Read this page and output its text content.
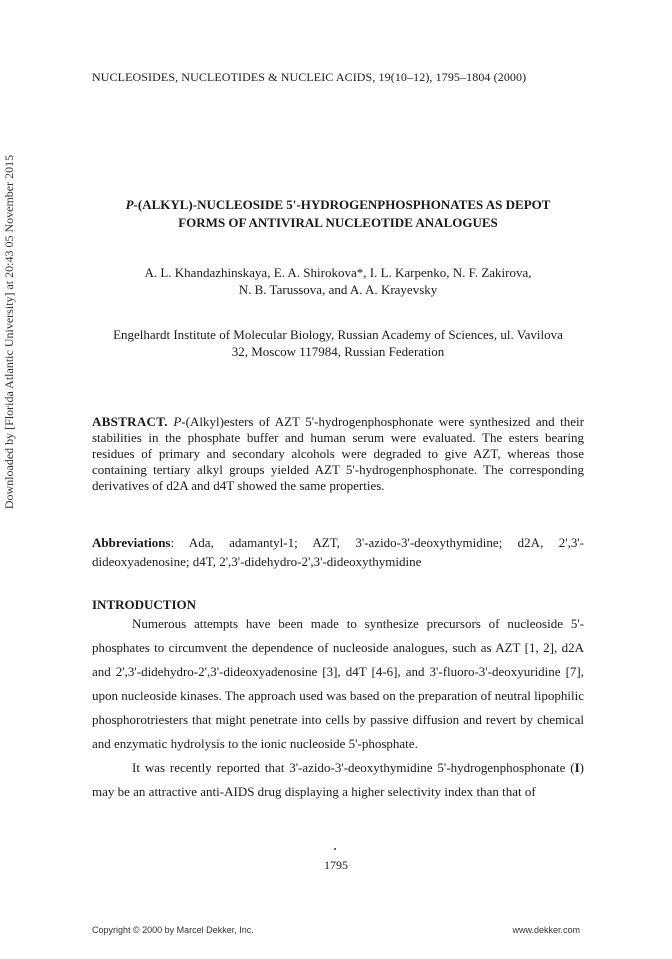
NUCLEOSIDES, NUCLEOTIDES & NUCLEIC ACIDS, 19(10–12), 1795–1804 (2000)
Downloaded by [Florida Atlantic University] at 20:43 05 November 2015	P-(ALKYL)-NUCLEOSIDE 5'-HYDROGENPHOSPHONATES AS DEPOT
FORMS OF ANTIVIRAL NUCLEOTIDE ANALOGUES
A. L. Khandazhinskaya, E. A. Shirokova*, I. L. Karpenko, N. F. Zakirova,
N. B. Tarussova, and A. A. Krayevsky
Engelhardt Institute of Molecular Biology, Russian Academy of Sciences, ul. Vavilova
32, Moscow 117984, Russian Federation
ABSTRACT. P-(Alkyl)esters of AZT 5'-hydrogenphosphonate were synthesized and their stabilities in the phosphate buffer and human serum were evaluated. The esters bearing residues of primary and secondary alcohols were degraded to give AZT, whereas those containing tertiary alkyl groups yielded AZT 5'-hydrogenphosphonate. The corresponding derivatives of d2A and d4T showed the same properties.
Abbreviations: Ada, adamantyl-1; AZT, 3'-azido-3'-deoxythymidine; d2A, 2',3'-dideoxyadenosine; d4T, 2',3'-didehydro-2',3'-dideoxythymidine
INTRODUCTION

Numerous attempts have been made to synthesize precursors of nucleoside 5'-phosphates to circumvent the dependence of nucleoside analogues, such as AZT [1, 2], d2A and 2',3'-didehydro-2',3'-dideoxyadenosine [3], d4T [4-6], and 3'-fluoro-3'-deoxyuridine [7], upon nucleoside kinases. The approach used was based on the preparation of neutral lipophilic phosphorotriesters that might penetrate into cells by passive diffusion and revert by chemical and enzymatic hydrolysis to the ionic nucleoside 5'-phosphate.

It was recently reported that 3'-azido-3'-deoxythymidine 5'-hydrogenphosphonate (I) may be an attractive anti-AIDS drug displaying a higher selectivity index than that of

1795
Copyright © 2000 by Marcel Dekker, Inc.	www.dekker.com
